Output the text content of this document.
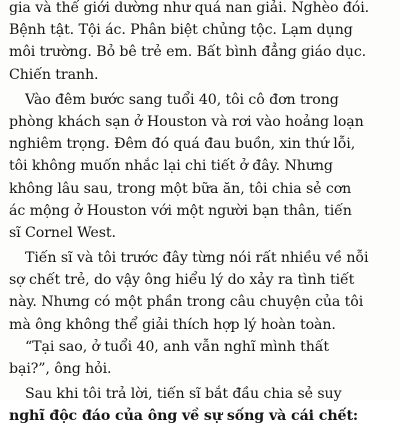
gia và thế giới dường như quá nan giải. Nghèo đói.
Bệnh tật. Tội ác. Phân biệt chủng tộc. Lạm dụng
môi trường. Bỏ bê trẻ em. Bất bình đẳng giáo dục.
Chiến tranh.
Vào đêm bước sang tuổi 40, tôi cô đơn trong
phòng khách sạn ở Houston và rơi vào hoảng loạn
nghiêm trọng. Đêm đó quá đau buồn, xin thứ lỗi,
tôi không muốn nhắc lại chi tiết ở đây. Nhưng
không lâu sau, trong một bữa ăn, tôi chia sẻ cơn
ác mộng ở Houston với một người bạn thân, tiến
sĩ Cornel West.
Tiến sĩ và tôi trước đây từng nói rất nhiều về nỗi
sợ chết trẻ, do vậy ông hiểu lý do xảy ra tình tiết
này. Nhưng có một phần trong câu chuyện của tôi
mà ông không thể giải thích hợp lý hoàn toàn.
“Tại sao, ở tuổi 40, anh vẫn nghĩ mình thất
bại?”, ông hỏi.
Sau khi tôi trả lời, tiến sĩ bắt đầu chia sẻ suy
nghĩ độc đáo của ông về sự sống và cái chết:
